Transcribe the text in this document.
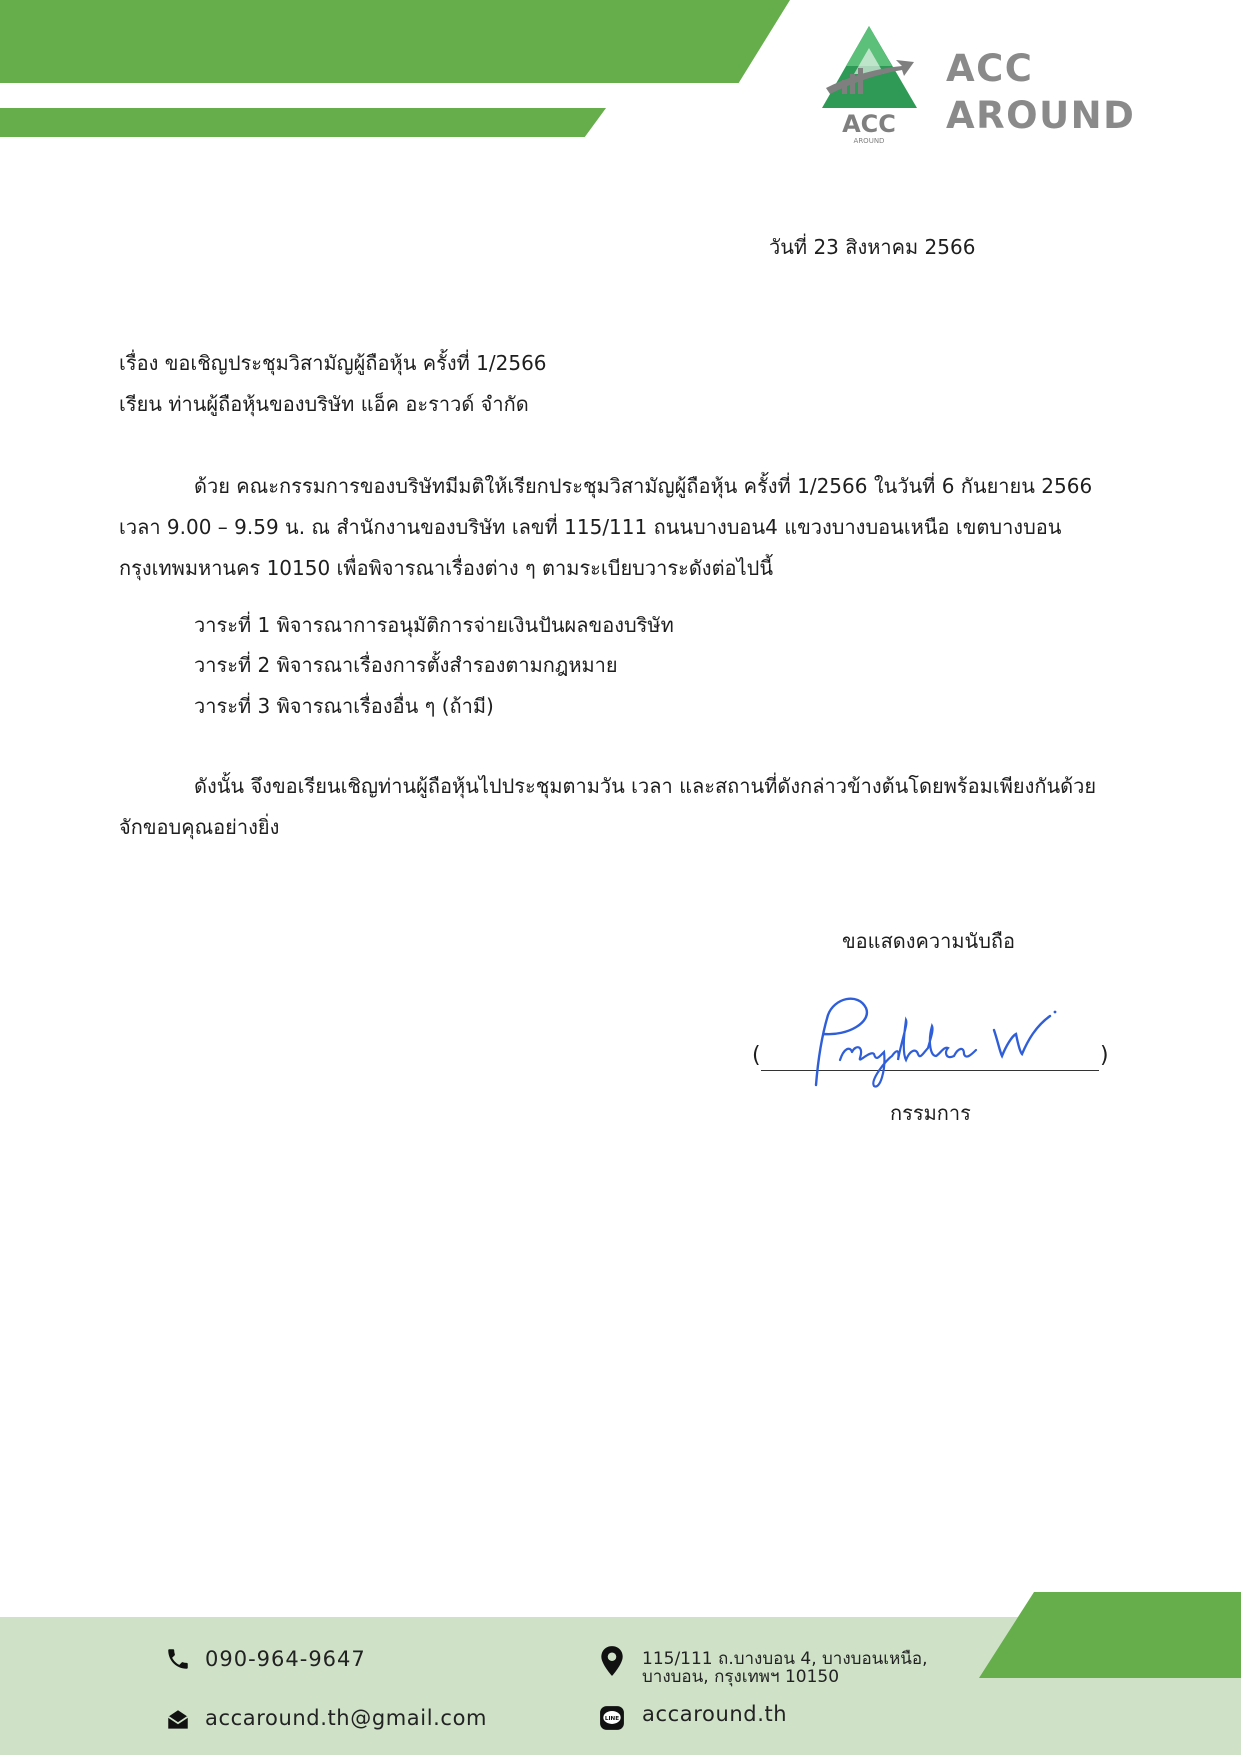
ACC
AROUND
ACC
AROUND
วันที่ 23 สิงหาคม 2566
เรื่อง ขอเชิญประชุมวิสามัญผู้ถือหุ้น ครั้งที่ 1/2566
เรียน ท่านผู้ถือหุ้นของบริษัท แอ็ค อะราวด์ จำกัด
ด้วย คณะกรรมการของบริษัทมีมติให้เรียกประชุมวิสามัญผู้ถือหุ้น ครั้งที่ 1/2566 ในวันที่ 6 กันยายน 2566
เวลา 9.00 – 9.59 น. ณ สำนักงานของบริษัท เลขที่ 115/111 ถนนบางบอน4 แขวงบางบอนเหนือ เขตบางบอน
กรุงเทพมหานคร 10150 เพื่อพิจารณาเรื่องต่าง ๆ ตามระเบียบวาระดังต่อไปนี้
วาระที่ 1 พิจารณาการอนุมัติการจ่ายเงินปันผลของบริษัท
วาระที่ 2 พิจารณาเรื่องการตั้งสำรองตามกฎหมาย
วาระที่ 3 พิจารณาเรื่องอื่น ๆ (ถ้ามี)
ดังนั้น จึงขอเรียนเชิญท่านผู้ถือหุ้นไปประชุมตามวัน เวลา และสถานที่ดังกล่าวข้างต้นโดยพร้อมเพียงกันด้วย
จักขอบคุณอย่างยิ่ง
ขอแสดงความนับถือ
(	)
กรรมการ
090-964-9647
accaround.th@gmail.com
115/111 ถ.บางบอน 4, บางบอนเหนือ,
บางบอน, กรุงเทพฯ 10150
LINE accaround.th
